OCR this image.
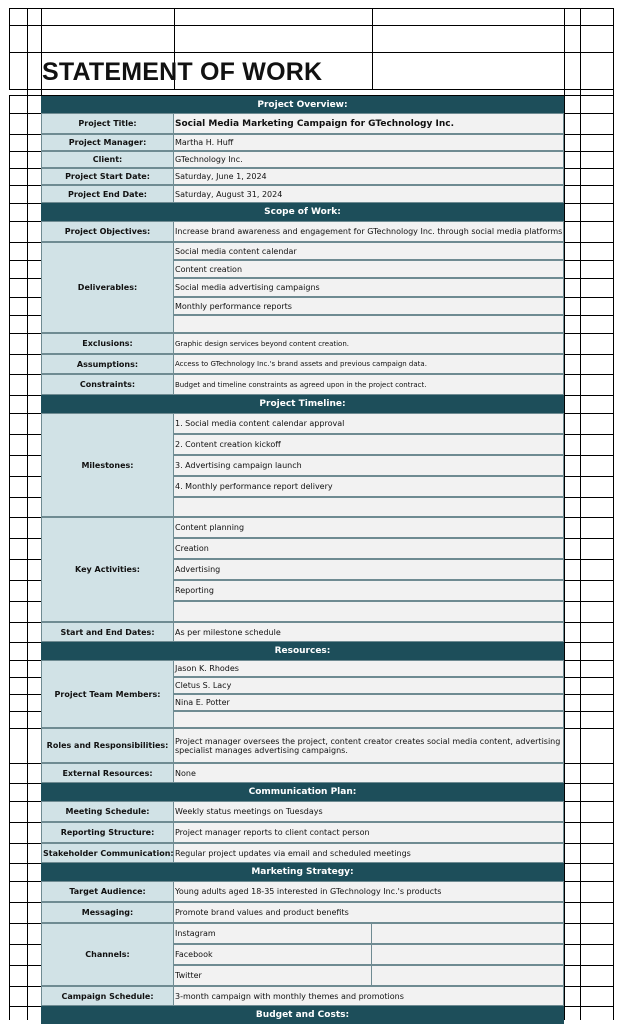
STATEMENT OF WORK
Project Overview:
Project Title:	Social Media Marketing Campaign for GTechnology Inc.
Project Manager:	Martha H. Huff
Client:	GTechnology Inc.
Project Start Date:	Saturday, June 1, 2024
Project End Date:	Saturday, August 31, 2024
Scope of Work:
Project Objectives:	Increase brand awareness and engagement for GTechnology Inc. through social media platforms
Deliverables:
Social media content calendar
Content creation
Social media advertising campaigns
Monthly performance reports
Exclusions:	Graphic design services beyond content creation.
Assumptions:	Access to GTechnology Inc.'s brand assets and previous campaign data.
Constraints:	Budget and timeline constraints as agreed upon in the project contract.
Project Timeline:
Milestones:
1. Social media content calendar approval
2. Content creation kickoff
3. Advertising campaign launch
4. Monthly performance report delivery
Key Activities:
Content planning
Creation
Advertising
Reporting
Start and End Dates:	As per milestone schedule
Resources:
Project Team Members:
Jason K. Rhodes
Cletus S. Lacy
Nina E. Potter
Roles and Responsibilities: Project manager oversees the project, content creator creates social media content, advertising specialist manages advertising campaigns.
External Resources:	None
Communication Plan:
Meeting Schedule:	Weekly status meetings on Tuesdays
Reporting Structure:	Project manager reports to client contact person
Stakeholder Communication: Regular project updates via email and scheduled meetings
Marketing Strategy:
Target Audience:	Young adults aged 18-35 interested in GTechnology Inc.'s products
Messaging:	Promote brand values and product benefits
Channels:
Instagram
Facebook
Twitter
Campaign Schedule:	3-month campaign with monthly themes and promotions
Budget and Costs:
